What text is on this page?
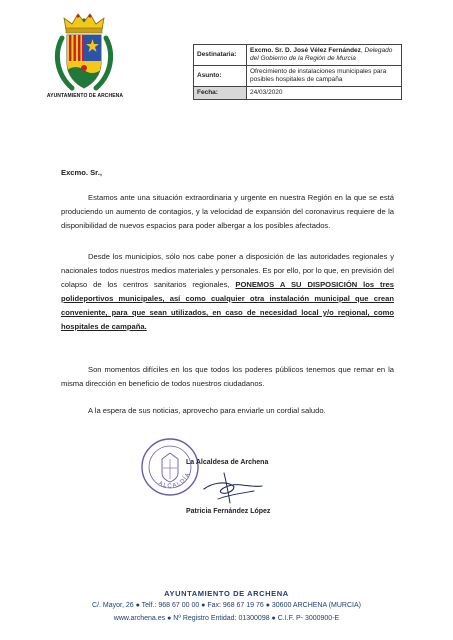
AYUNTAMIENTO DE ARCHENA
Destinataria:	Excmo. Sr. D. José Vélez Fernández, Delegado del Gobierno de la Región de Murcia
Asunto:	Ofrecimiento de instalaciones municipales para posibles hospitales de campaña
Fecha:	24/03/2020
Excmo. Sr.,
Estamos ante una situación extraordinaria y urgente en nuestra Región en la que se está produciendo un aumento de contagios, y la velocidad de expansión del coronavirus requiere de la disponibilidad de nuevos espacios para poder albergar a los posibles afectados.
Desde los municipios, sólo nos cabe poner a disposición de las autoridades regionales y nacionales todos nuestros medios materiales y personales. Es por ello, por lo que, en previsión del colapso de los centros sanitarios regionales, PONEMOS A SU DISPOSICIÓN los tres polideportivos municipales, así como cualquier otra instalación municipal que crean conveniente, para que sean utilizados, en caso de necesidad local y/o regional, como hospitales de campaña.
Son momentos difíciles en los que todos los poderes públicos tenemos que remar en la misma dirección en beneficio de todos nuestros ciudadanos.
A la espera de sus noticias, aprovecho para enviarle un cordial saludo.
ALCALDÍA
La Alcaldesa de Archena
Patricia Fernández López
AYUNTAMIENTO DE ARCHENA
C/. Mayor, 26 ● Telf.: 968 67 00 00 ● Fax: 968 67 19 76 ● 30600 ARCHENA (MURCIA)
www.archena.es ● Nº Registro Entidad: 01300098 ● C.I.F. P- 3000900-E
